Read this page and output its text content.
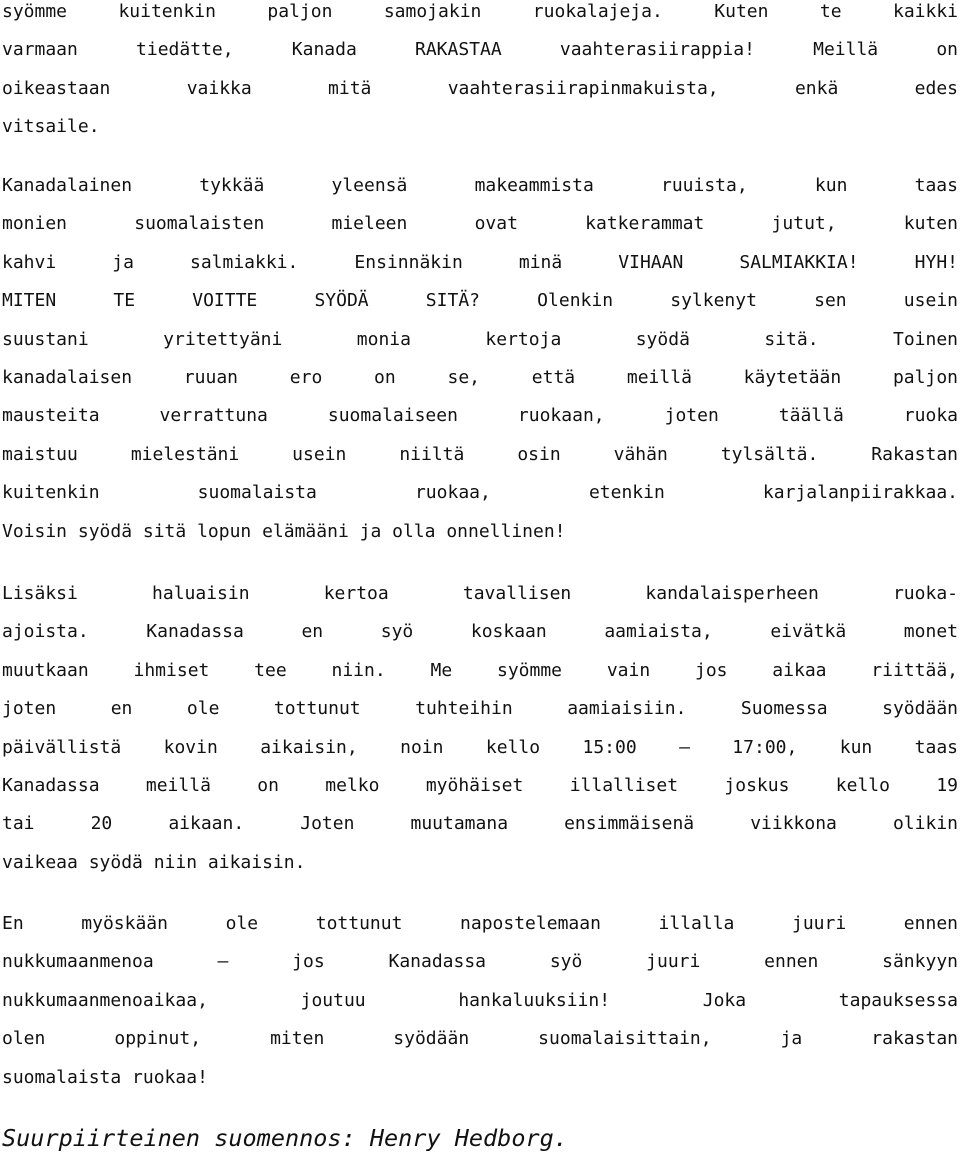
syömme kuitenkin paljon samojakin ruokalajeja. Kuten te kaikki
varmaan tiedätte, Kanada RAKASTAA vaahterasiirappia! Meillä on
oikeastaan vaikka mitä vaahterasiirapinmakuista, enkä edes
vitsaile.

Kanadalainen tykkää yleensä makeammista ruuista, kun taas
monien suomalaisten mieleen ovat katkerammat jutut, kuten
kahvi ja salmiakki. Ensinnäkin minä VIHAAN SALMIAKKIA! HYH!
MITEN TE VOITTE SYÖDÄ SITÄ? Olenkin sylkenyt sen usein
suustani yritettyäni monia kertoja syödä sitä. Toinen
kanadalaisen ruuan ero on se, että meillä käytetään paljon
mausteita verrattuna suomalaiseen ruokaan, joten täällä ruoka
maistuu mielestäni usein niiltä osin vähän tylsältä. Rakastan
kuitenkin suomalaista ruokaa, etenkin karjalanpiirakkaa.
Voisin syödä sitä lopun elämääni ja olla onnellinen!

Lisäksi haluaisin kertoa tavallisen kandalaisperheen ruoka-
ajoista. Kanadassa en syö koskaan aamiaista, eivätkä monet
muutkaan ihmiset tee niin. Me syömme vain jos aikaa riittää,
joten en ole tottunut tuhteihin aamiaisiin. Suomessa syödään
päivällistä kovin aikaisin, noin kello 15:00 – 17:00, kun taas
Kanadassa meillä on melko myöhäiset illalliset joskus kello 19
tai 20 aikaan. Joten muutamana ensimmäisenä viikkona olikin
vaikeaa syödä niin aikaisin.

En myöskään ole tottunut napostelemaan illalla juuri ennen
nukkumaanmenoa – jos Kanadassa syö juuri ennen sänkyyn
nukkumaanmenoaikaa, joutuu hankaluuksiin! Joka tapauksessa
olen oppinut, miten syödään suomalaisittain, ja rakastan
suomalaista ruokaa!

Suurpiirteinen suomennos: Henry Hedborg.
